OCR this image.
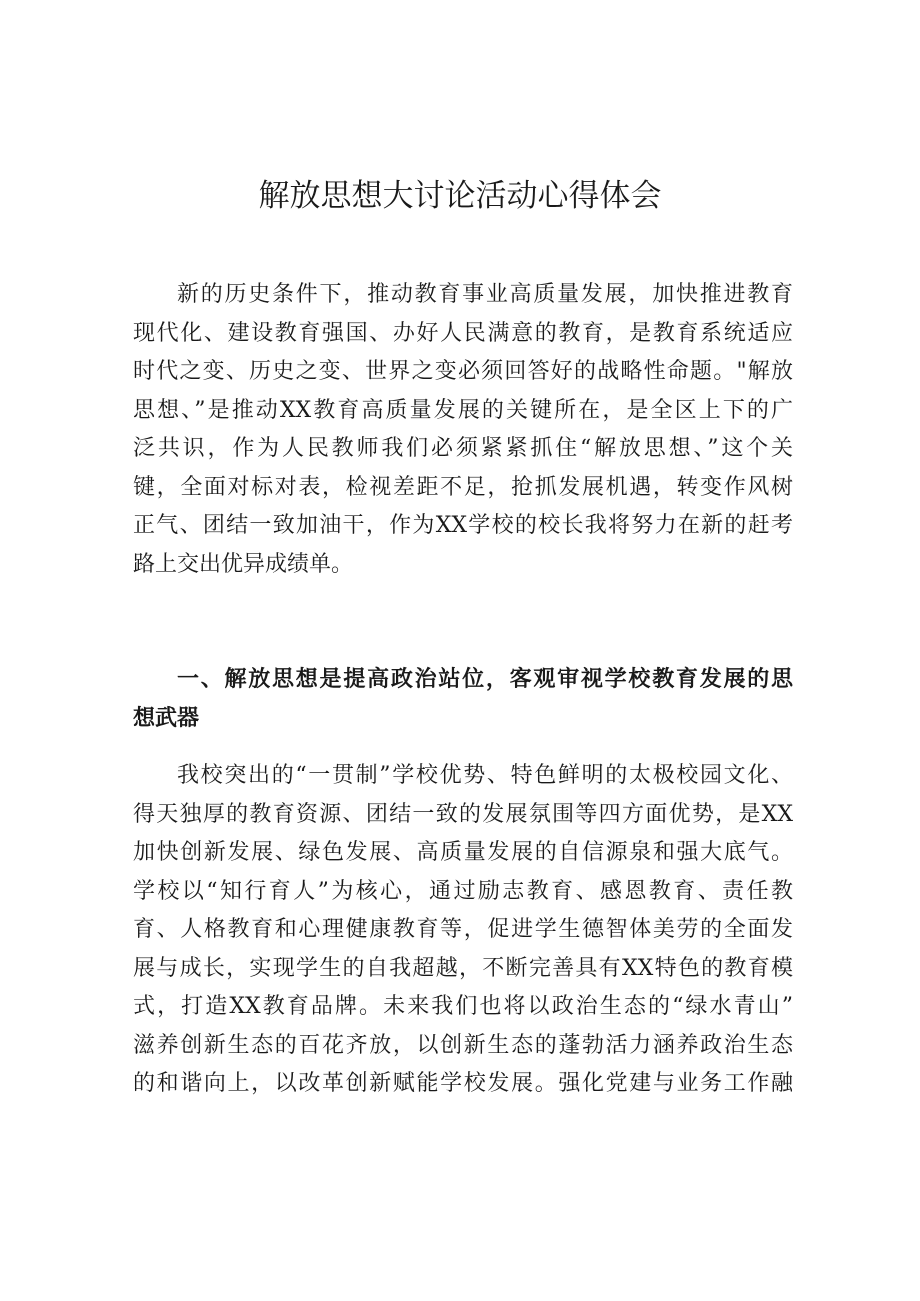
解放思想大讨论活动心得体会
新的历史条件下，推动教育事业高质量发展，加快推进教育
现代化、建设教育强国、办好人民满意的教育，是教育系统适应
时代之变、历史之变、世界之变必须回答好的战略性命题。"解放
思想、”是推动XX教育高质量发展的关键所在，是全区上下的广
泛共识，作为人民教师我们必须紧紧抓住“解放思想、”这个关
键，全面对标对表，检视差距不足，抢抓发展机遇，转变作风树
正气、团结一致加油干，作为XX学校的校长我将努力在新的赶考
路上交出优异成绩单。
一、解放思想是提高政治站位，客观审视学校教育发展的思
想武器
我校突出的“一贯制”学校优势、特色鲜明的太极校园文化、
得天独厚的教育资源、团结一致的发展氛围等四方面优势，是XX
加快创新发展、绿色发展、高质量发展的自信源泉和强大底气。
学校以“知行育人”为核心，通过励志教育、感恩教育、责任教
育、人格教育和心理健康教育等，促进学生德智体美劳的全面发
展与成长，实现学生的自我超越，不断完善具有XX特色的教育模
式，打造XX教育品牌。未来我们也将以政治生态的“绿水青山”
滋养创新生态的百花齐放，以创新生态的蓬勃活力涵养政治生态
的和谐向上，以改革创新赋能学校发展。强化党建与业务工作融
